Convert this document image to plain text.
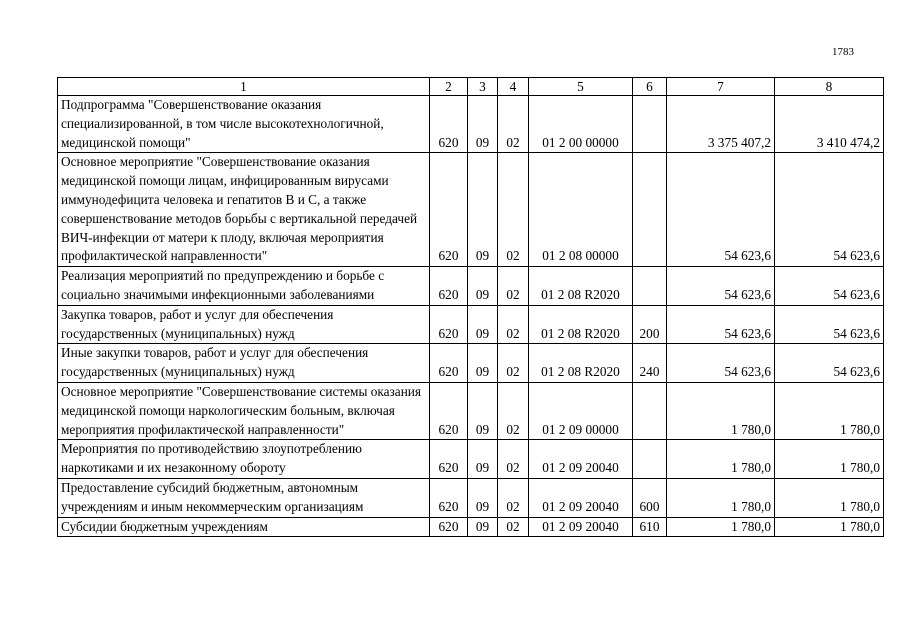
1783
1	2	3	4	5	6	7	8
Подпрограмма "Совершенствование оказания специализированной, в том числе высокотехнологичной, медицинской помощи"	620	09	02	01 2 00 00000		3 375 407,2	3 410 474,2
Основное мероприятие "Совершенствование оказания медицинской помощи лицам, инфицированным вирусами иммунодефицита человека и гепатитов В и С, а также совершенствование методов борьбы с вертикальной передачей ВИЧ-инфекции от матери к плоду, включая мероприятия профилактической направленности"	620	09	02	01 2 08 00000		54 623,6	54 623,6
Реализация мероприятий по предупреждению и борьбе с социально значимыми инфекционными заболеваниями	620	09	02	01 2 08 R2020		54 623,6	54 623,6
Закупка товаров, работ и услуг для обеспечения государственных (муниципальных) нужд	620	09	02	01 2 08 R2020	200	54 623,6	54 623,6
Иные закупки товаров, работ и услуг для обеспечения государственных (муниципальных) нужд	620	09	02	01 2 08 R2020	240	54 623,6	54 623,6
Основное мероприятие "Совершенствование системы оказания медицинской помощи наркологическим больным, включая мероприятия профилактической направленности"	620	09	02	01 2 09 00000		1 780,0	1 780,0
Мероприятия по противодействию злоупотреблению наркотиками и их незаконному обороту	620	09	02	01 2 09 20040		1 780,0	1 780,0
Предоставление субсидий бюджетным, автономным учреждениям и иным некоммерческим организациям	620	09	02	01 2 09 20040	600	1 780,0	1 780,0
Субсидии бюджетным учреждениям	620	09	02	01 2 09 20040	610	1 780,0	1 780,0
